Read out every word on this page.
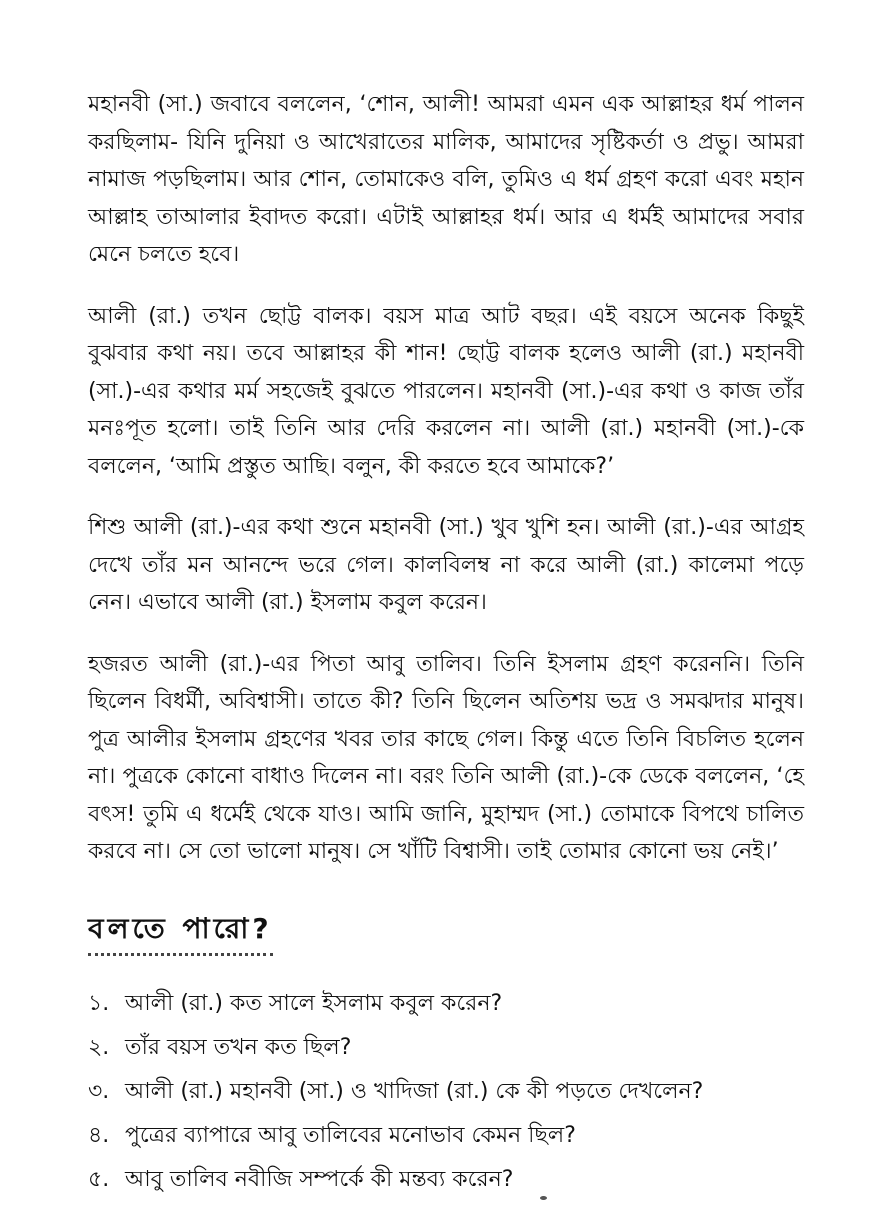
মহানবী (সা.) জবাবে বললেন, ‘শোন, আলী! আমরা এমন এক আল্লাহর ধর্ম পালন করছিলাম- যিনি দুনিয়া ও আখেরাতের মালিক, আমাদের সৃষ্টিকর্তা ও প্রভু। আমরা নামাজ পড়ছিলাম। আর শোন, তোমাকেও বলি, তুমিও এ ধর্ম গ্রহণ করো এবং মহান আল্লাহ তাআলার ইবাদত করো। এটাই আল্লাহর ধর্ম। আর এ ধর্মই আমাদের সবার মেনে চলতে হবে।

আলী (রা.) তখন ছোট্ট বালক। বয়স মাত্র আট বছর। এই বয়সে অনেক কিছুই বুঝবার কথা নয়। তবে আল্লাহর কী শান! ছোট্ট বালক হলেও আলী (রা.) মহানবী (সা.)-এর কথার মর্ম সহজেই বুঝতে পারলেন। মহানবী (সা.)-এর কথা ও কাজ তাঁর মনঃপূত হলো। তাই তিনি আর দেরি করলেন না। আলী (রা.) মহানবী (সা.)-কে বললেন, ‘আমি প্রস্তুত আছি। বলুন, কী করতে হবে আমাকে?’

শিশু আলী (রা.)-এর কথা শুনে মহানবী (সা.) খুব খুশি হন। আলী (রা.)-এর আগ্রহ দেখে তাঁর মন আনন্দে ভরে গেল। কালবিলম্ব না করে আলী (রা.) কালেমা পড়ে নেন। এভাবে আলী (রা.) ইসলাম কবুল করেন।

হজরত আলী (রা.)-এর পিতা আবু তালিব। তিনি ইসলাম গ্রহণ করেননি। তিনি ছিলেন বিধর্মী, অবিশ্বাসী। তাতে কী? তিনি ছিলেন অতিশয় ভদ্র ও সমঝদার মানুষ। পুত্র আলীর ইসলাম গ্রহণের খবর তার কাছে গেল। কিন্তু এতে তিনি বিচলিত হলেন না। পুত্রকে কোনো বাধাও দিলেন না। বরং তিনি আলী (রা.)-কে ডেকে বললেন, ‘হে বৎস! তুমি এ ধর্মেই থেকে যাও। আমি জানি, মুহাম্মদ (সা.) তোমাকে বিপথে চালিত করবে না। সে তো ভালো মানুষ। সে খাঁটি বিশ্বাসী। তাই তোমার কোনো ভয় নেই।’

বলতে পারো?
১. আলী (রা.) কত সালে ইসলাম কবুল করেন?
২. তাঁর বয়স তখন কত ছিল?
৩. আলী (রা.) মহানবী (সা.) ও খাদিজা (রা.) কে কী পড়তে দেখলেন?
৪. পুত্রের ব্যাপারে আবু তালিবের মনোভাব কেমন ছিল?
৫. আবু তালিব নবীজি সম্পর্কে কী মন্তব্য করেন?
